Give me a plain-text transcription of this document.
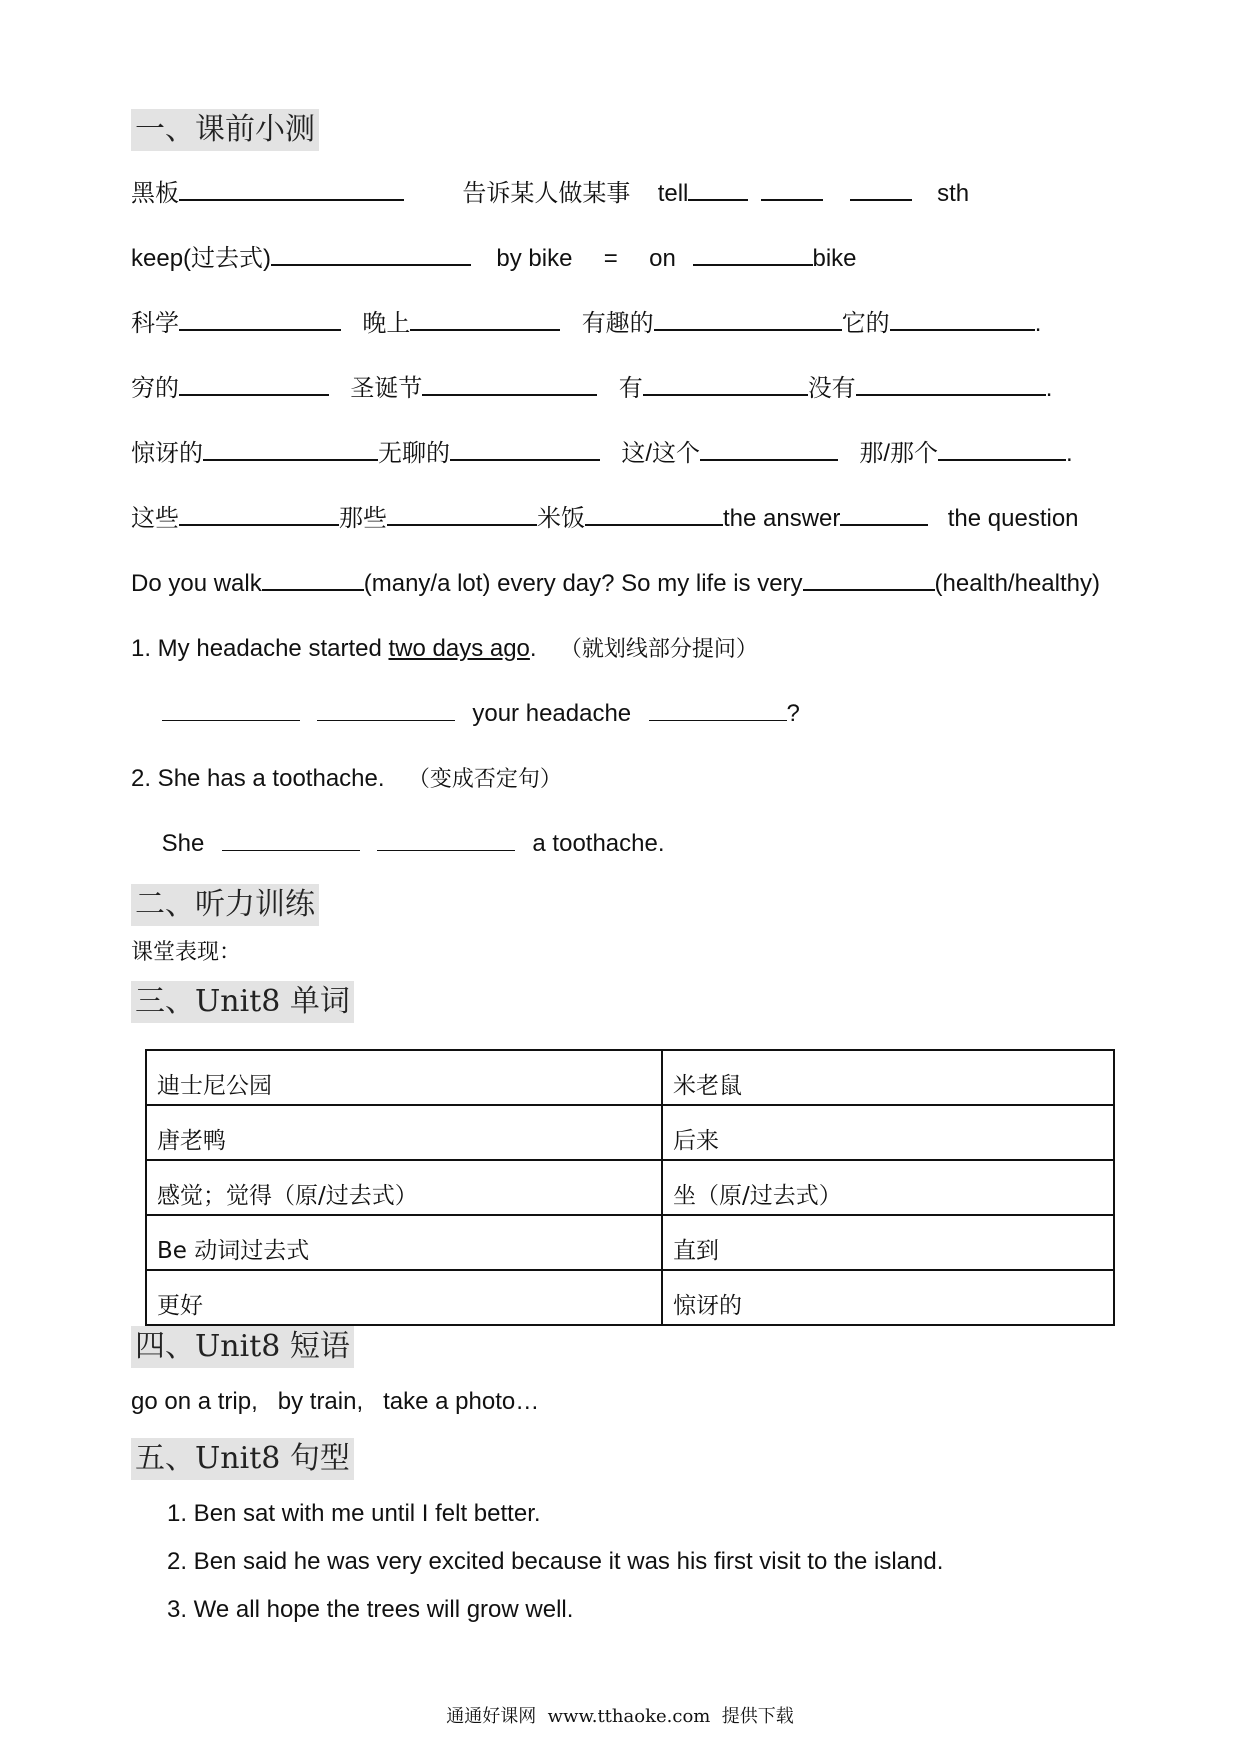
一、课前小测
黑板	告诉某人做某事 tell	sth
keep(过去式)	by bike = on	bike
科学	晚上	有趣的	它的	.
穷的	圣诞节	有	没有	.
惊讶的	无聊的	这/这个	那/那个	.
这些	那些	米饭	the answer	the question
Do you walk	(many/a lot) every day? So my life is very	(health/healthy)
1. My headache started two days ago. （就划线部分提问）
your headache	?
2. She has a toothache. （变成否定句）
She	a toothache.
二、听力训练
课堂表现：
三、Unit8 单词
迪士尼公园	米老鼠
唐老鸭	后来
感觉；觉得（原/过去式）	坐（原/过去式）
Be 动词过去式	直到
更好	惊讶的
四、Unit8 短语
go on a trip,   by train,   take a photo…
五、Unit8 句型
1. Ben sat with me until I felt better.
2. Ben said he was very excited because it was his first visit to the island.
3. We all hope the trees will grow well.
通通好课网  www.tthaoke.com  提供下载
